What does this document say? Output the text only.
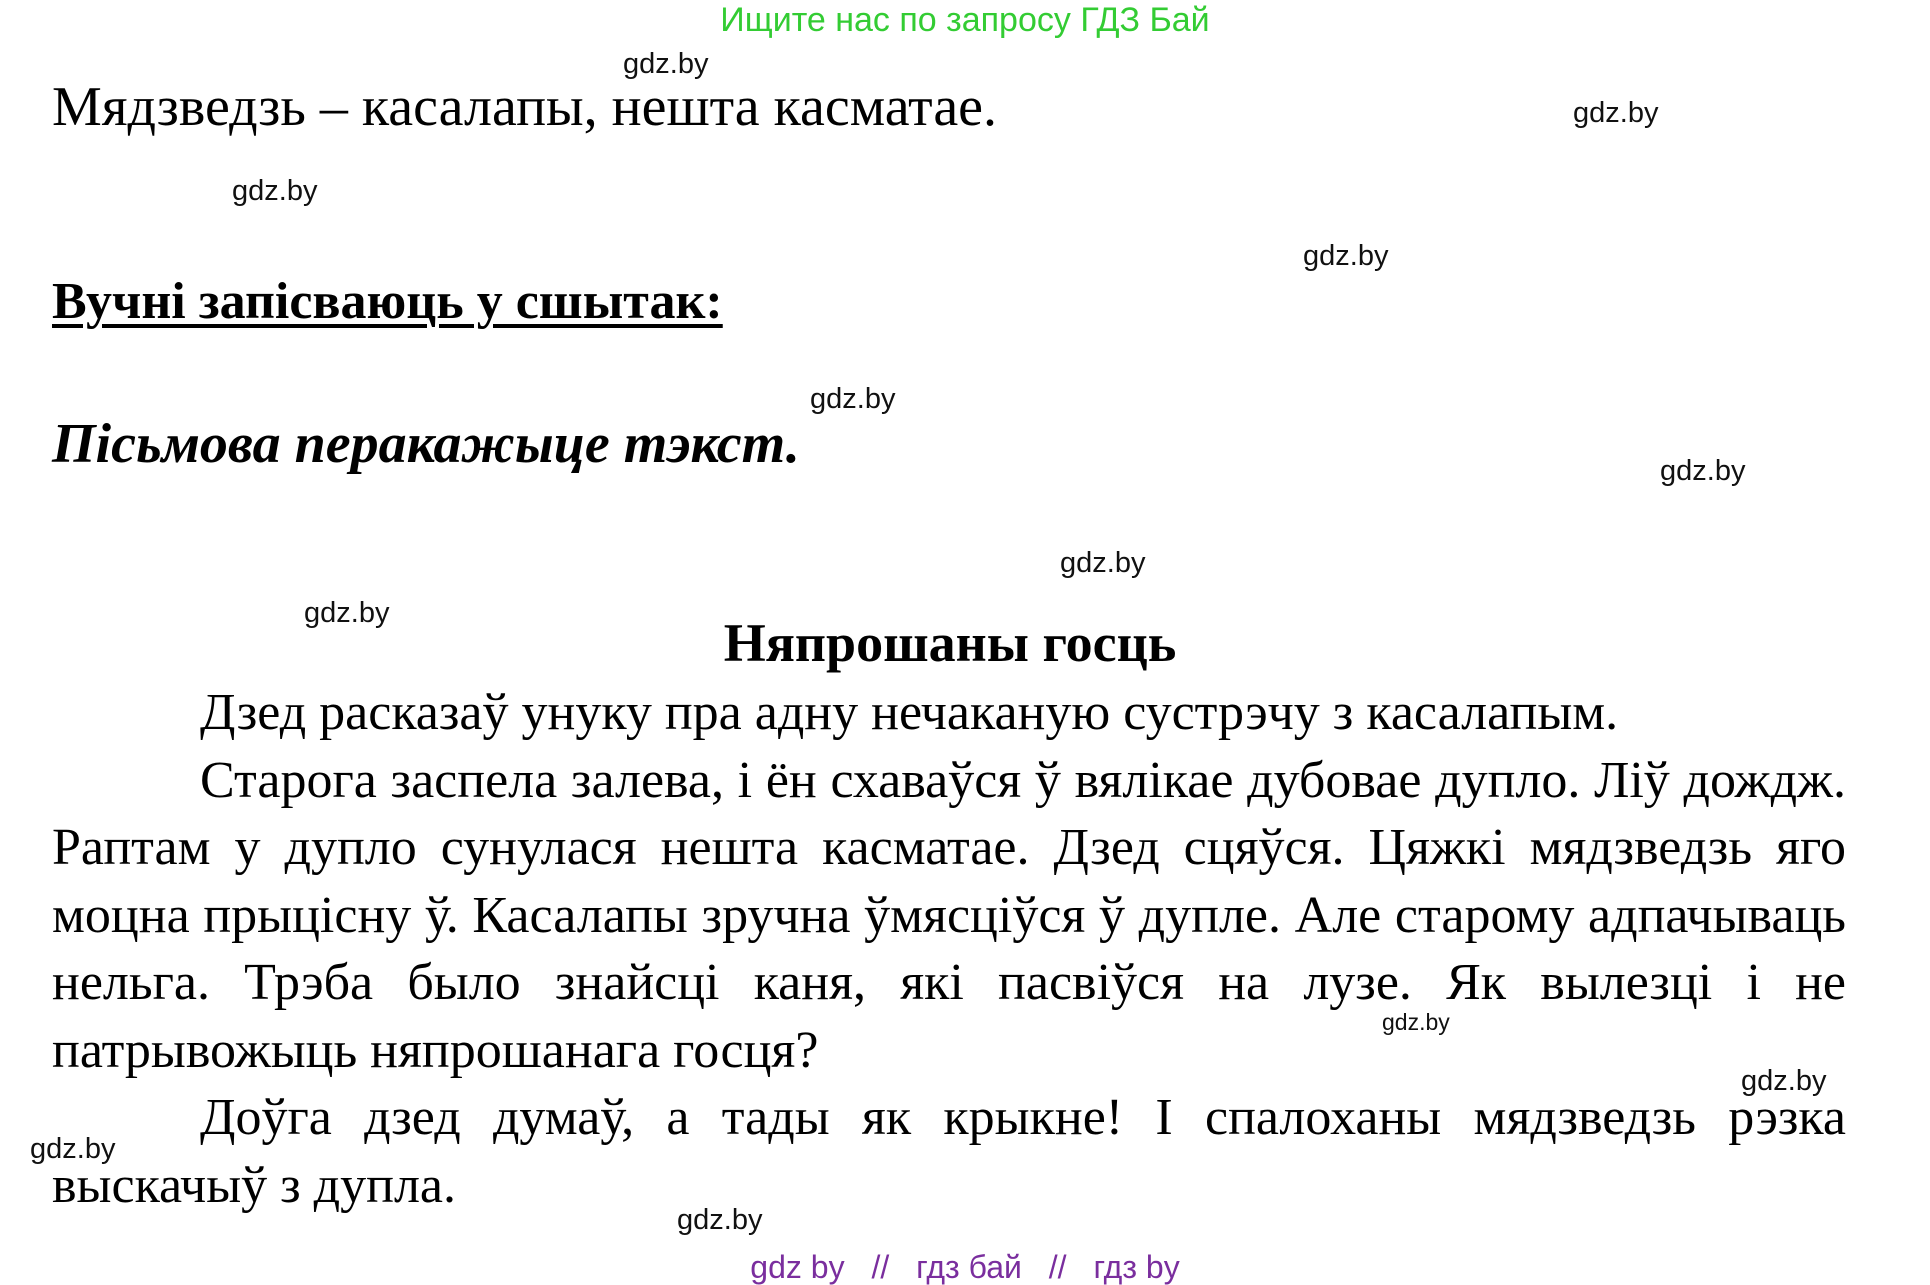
Ищите нас по запросу ГДЗ Бай
gdz.by
gdz.by
gdz.by
gdz.by
gdz.by
gdz.by
gdz.by
gdz.by
gdz.by
gdz.by
gdz.by
gdz.by
Мядзведзь – касалапы, нешта касматае.
Вучні запісваюць у сшытак:
Пісьмова перакажыце тэкст.
Няпрошаны госць

Дзед расказаў унуку пра адну нечаканую сустрэчу з касалапым.

Старога заспела залева, і ён схаваўся ў вялікае дубовае дупло. Ліў дождж. Раптам у дупло сунулася нешта касматае. Дзед сцяўся. Цяжкі мядзведзь яго моцна прыцісну ў. Касалапы зручна ўмясціўся ў дупле. Але старому адпачываць нельга. Трэба было знайсці каня, які пасвіўся на лузе. Як вылезці і не патрывожыць няпрошанага госця?

Доўга дзед думаў, а тады як крыкне! І спалоханы мядзведзь рэзка выскачыў з дупла.

gdz by // гдз бай // гдз by
